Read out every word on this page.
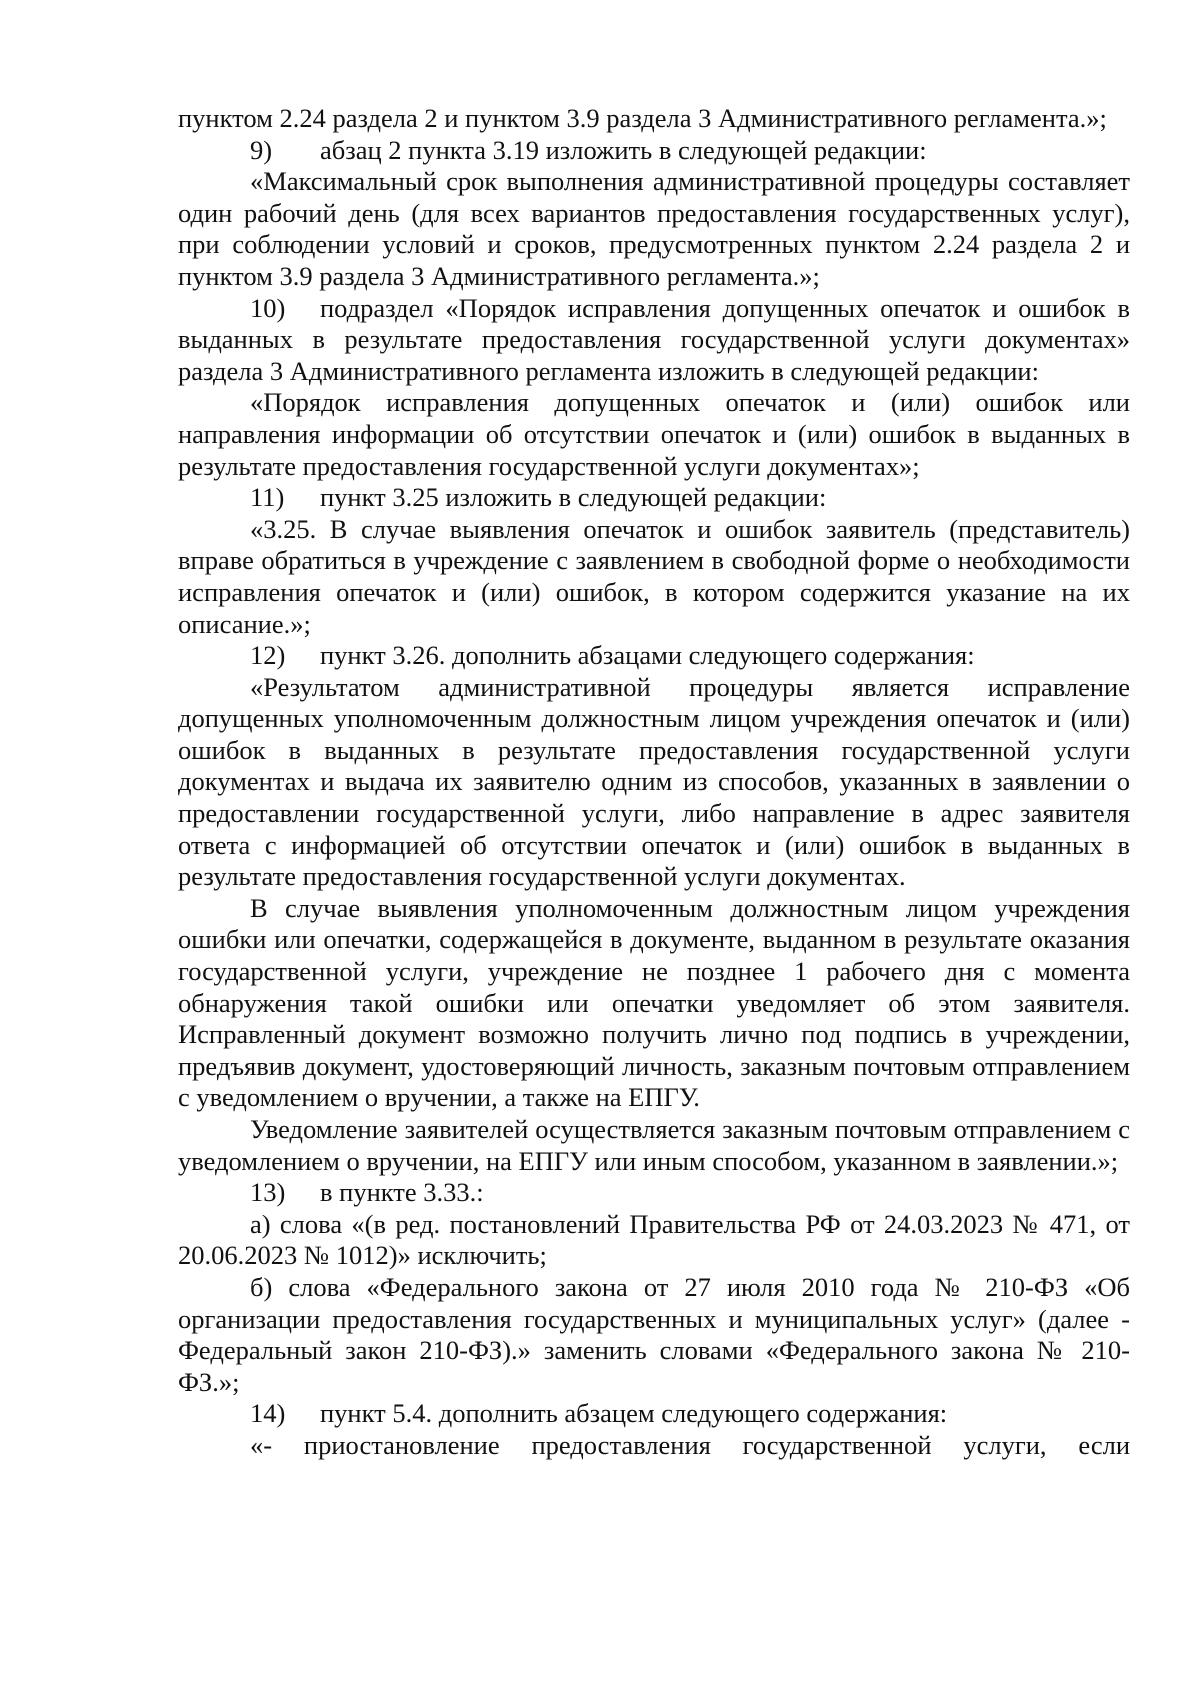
пунктом 2.24 раздела 2 и пунктом 3.9 раздела 3 Административного регламента.»;

9) абзац 2 пункта 3.19 изложить в следующей редакции:

«Максимальный срок выполнения административной процедуры составляет один рабочий день (для всех вариантов предоставления государственных услуг), при соблюдении условий и сроков, предусмотренных пунктом 2.24 раздела 2 и пунктом 3.9 раздела 3 Административного регламента.»;

10) подраздел «Порядок исправления допущенных опечаток и ошибок в выданных в результате предоставления государственной услуги документах» раздела 3 Административного регламента изложить в следующей редакции:

«Порядок исправления допущенных опечаток и (или) ошибок или направления информации об отсутствии опечаток и (или) ошибок в выданных в результате предоставления государственной услуги документах»;

11) пункт 3.25 изложить в следующей редакции:

«3.25. В случае выявления опечаток и ошибок заявитель (представитель) вправе обратиться в учреждение с заявлением в свободной форме о необходимости исправления опечаток и (или) ошибок, в котором содержится указание на их описание.»;

12) пункт 3.26. дополнить абзацами следующего содержания:

«Результатом административной процедуры является исправление допущенных уполномоченным должностным лицом учреждения опечаток и (или) ошибок в выданных в результате предоставления государственной услуги документах и выдача их заявителю одним из способов, указанных в заявлении о предоставлении государственной услуги, либо направление в адрес заявителя ответа с информацией об отсутствии опечаток и (или) ошибок в выданных в результате предоставления государственной услуги документах.

В случае выявления уполномоченным должностным лицом учреждения ошибки или опечатки, содержащейся в документе, выданном в результате оказания государственной услуги, учреждение не позднее 1 рабочего дня с момента обнаружения такой ошибки или опечатки уведомляет об этом заявителя. Исправленный документ возможно получить лично под подпись в учреждении, предъявив документ, удостоверяющий личность, заказным почтовым отправлением с уведомлением о вручении, а также на ЕПГУ.

Уведомление заявителей осуществляется заказным почтовым отправлением с уведомлением о вручении, на ЕПГУ или иным способом, указанном в заявлении.»;

13) в пункте 3.33.:

а) слова «(в ред. постановлений Правительства РФ от 24.03.2023 № 471, от 20.06.2023 № 1012)» исключить;

б) слова «Федерального закона от 27 июля 2010 года № 210-ФЗ «Об организации предоставления государственных и муниципальных услуг» (далее - Федеральный закон 210-ФЗ).» заменить словами «Федерального закона № 210-ФЗ.»;

14) пункт 5.4. дополнить абзацем следующего содержания:

«- приостановление предоставления государственной услуги, если
